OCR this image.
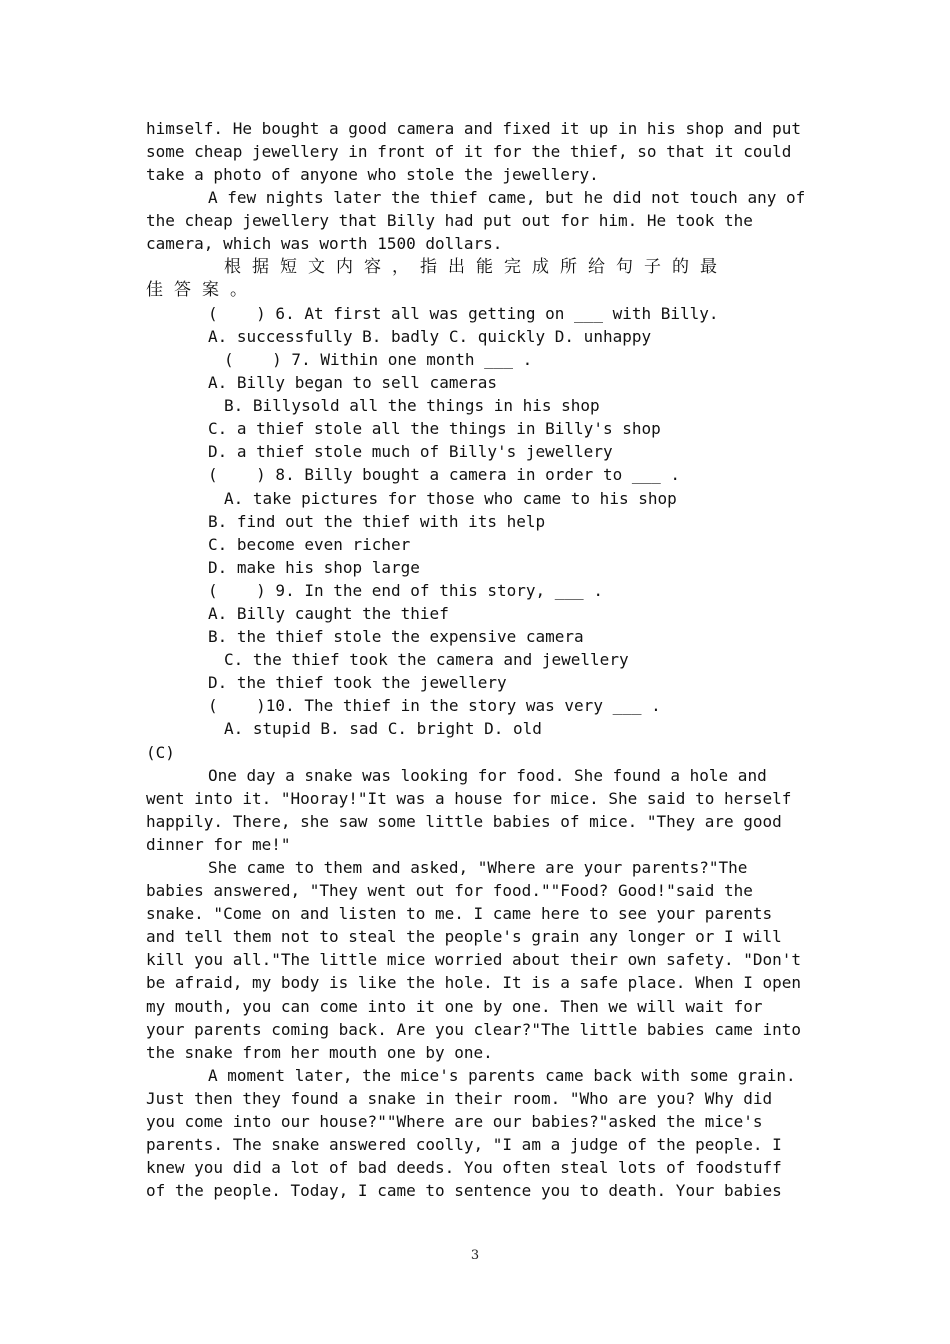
himself. He bought a good camera and fixed it up in his shop and put
some cheap jewellery in front of it for the thief, so that it could
take a photo of anyone who stole the jewellery.
A few nights later the thief came, but he did not touch any of
the cheap jewellery that Billy had put out for him. He took the
camera, which was worth 1500 dollars.
根据短文内容，指出能完成所给句子的最
佳答案。
(    ) 6. At first all was getting on ___ with Billy.
A. successfully B. badly C. quickly D. unhappy
(    ) 7. Within one month ___ .
A. Billy began to sell cameras
B. Billysold all the things in his shop
C. a thief stole all the things in Billy's shop
D. a thief stole much of Billy's jewellery
(    ) 8. Billy bought a camera in order to ___ .
A. take pictures for those who came to his shop
B. find out the thief with its help
C. become even richer
D. make his shop large
(    ) 9. In the end of this story, ___ .
A. Billy caught the thief
B. the thief stole the expensive camera
C. the thief took the camera and jewellery
D. the thief took the jewellery
(    )10. The thief in the story was very ___ .
A. stupid B. sad C. bright D. old
(C)
One day a snake was looking for food. She found a hole and
went into it. "Hooray!"It was a house for mice. She said to herself
happily. There, she saw some little babies of mice. "They are good
dinner for me!"
She came to them and asked, "Where are your parents?"The
babies answered, "They went out for food.""Food? Good!"said the
snake. "Come on and listen to me. I came here to see your parents
and tell them not to steal the people's grain any longer or I will
kill you all."The little mice worried about their own safety. "Don't
be afraid, my body is like the hole. It is a safe place. When I open
my mouth, you can come into it one by one. Then we will wait for
your parents coming back. Are you clear?"The little babies came into
the snake from her mouth one by one.
A moment later, the mice's parents came back with some grain.
Just then they found a snake in their room. "Who are you? Why did
you come into our house?""Where are our babies?"asked the mice's
parents. The snake answered coolly, "I am a judge of the people. I
knew you did a lot of bad deeds. You often steal lots of foodstuff
of the people. Today, I came to sentence you to death. Your babies
3
